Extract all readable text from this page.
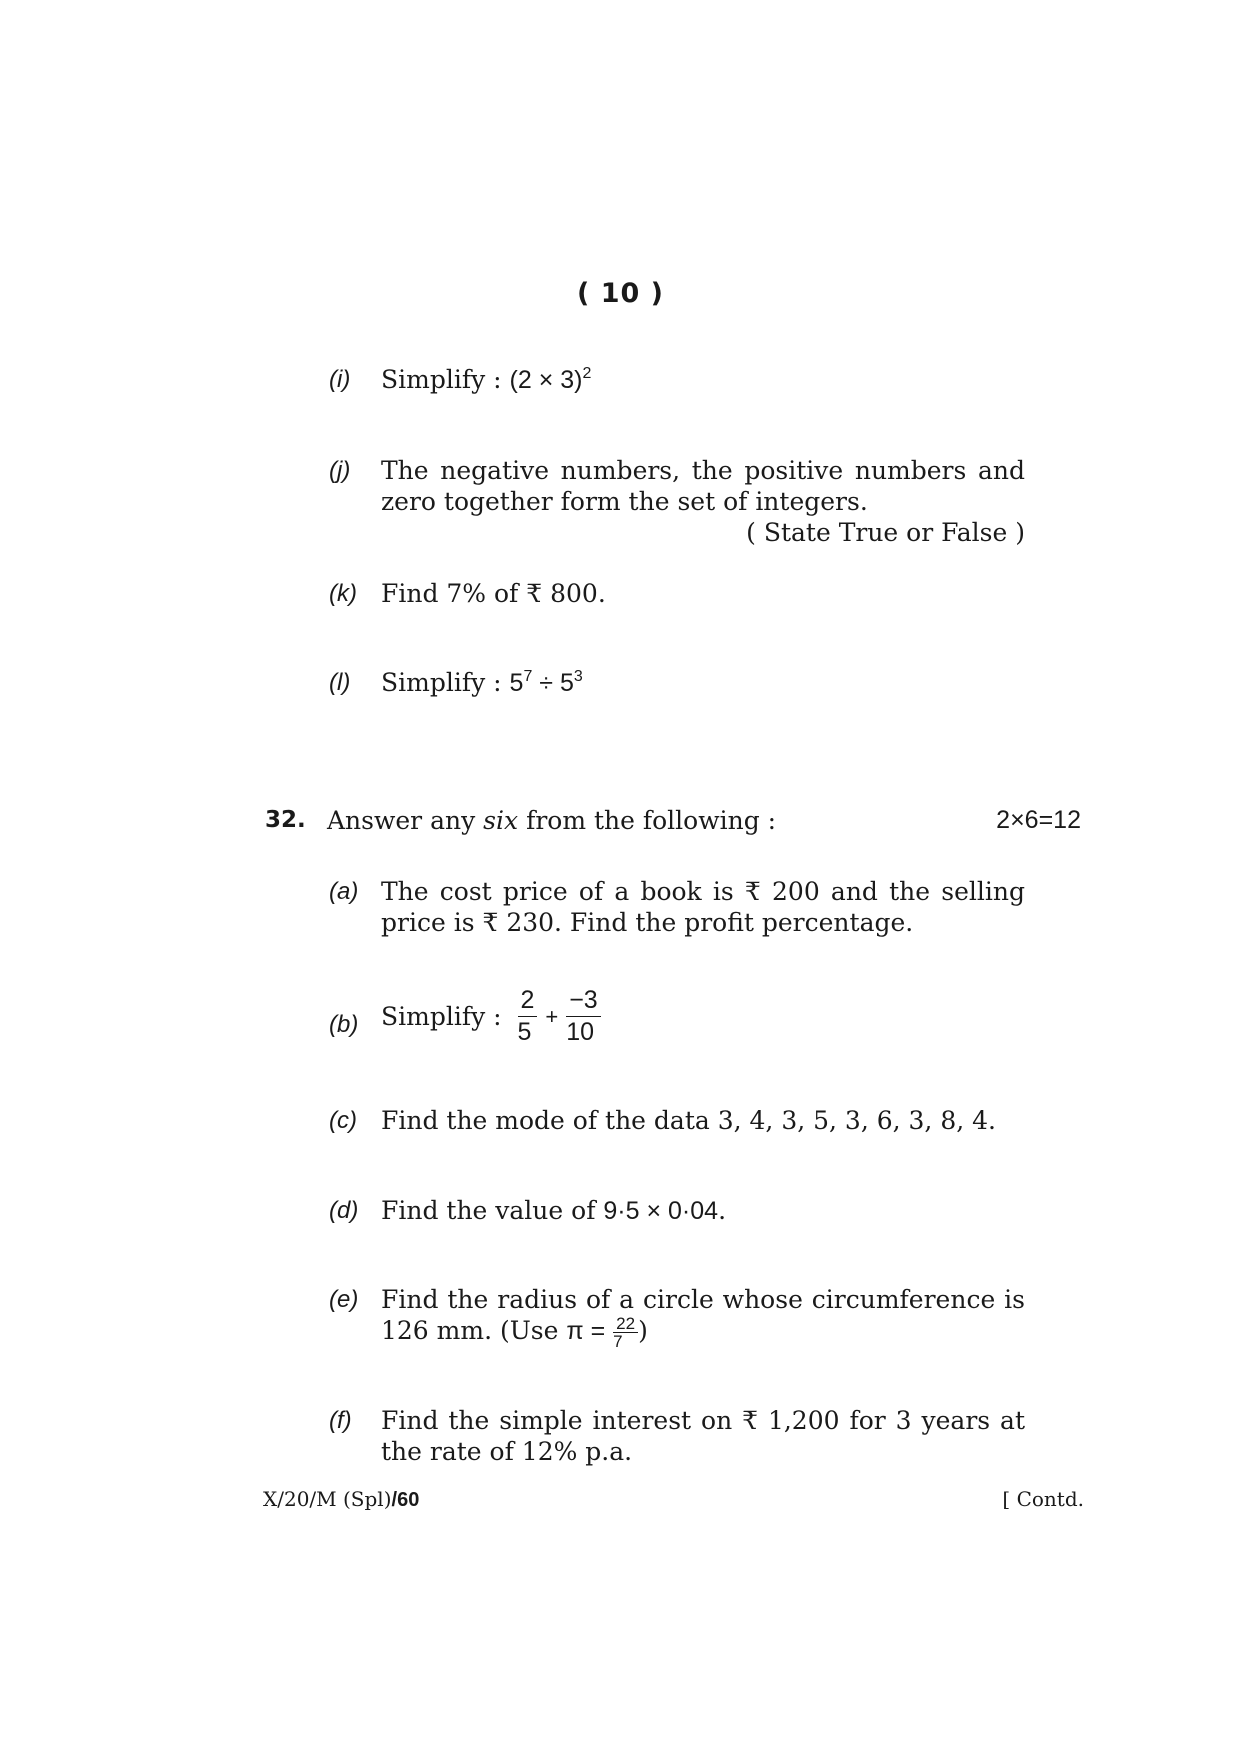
( 10 )
(i) Simplify : $(2 \times 3)^2$
(j) The negative numbers, the positive numbers and zero together form the set of integers.
( State True or False )
(k) Find 7% of ₹ 800.
(l) Simplify : $5^7 \div 5^3$
32. Answer any six from the following :	2×6=12
(a) The cost price of a book is ₹ 200 and the selling price is ₹ 230. Find the profit percentage.
(b) Simplify : $\frac{2}{5} + \frac{-3}{10}$
(c) Find the mode of the data 3, 4, 3, 5, 3, 6, 3, 8, 4.
(d) Find the value of 9·5 × 0·04.
(e) Find the radius of a circle whose circumference is 126 mm. (Use $\pi = \frac{22}{7}$ )
(f) Find the simple interest on ₹ 1,200 for 3 years at the rate of 12% p.a.
X/20/M (Spl)/60	[ Contd.
